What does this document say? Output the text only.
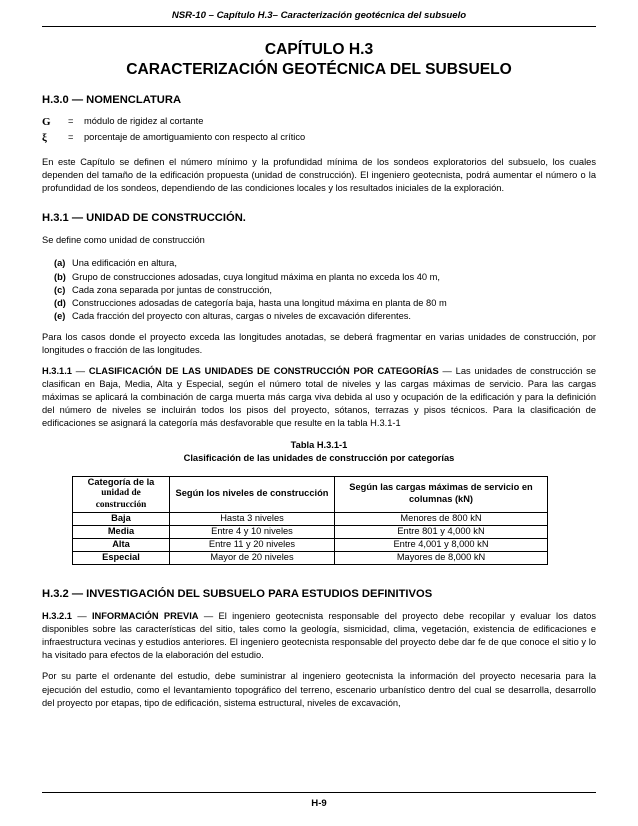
NSR-10 – Capítulo H.3– Caracterización geotécnica del subsuelo
CAPÍTULO H.3
CARACTERIZACIÓN GEOTÉCNICA DEL SUBSUELO
H.3.0 — NOMENCLATURA
G	=	módulo de rigidez al cortante
ξ	=	porcentaje de amortiguamiento con respecto al crítico

En este Capítulo se definen el número mínimo y la profundidad mínima de los sondeos exploratorios del subsuelo, los cuales dependen del tamaño de la edificación propuesta (unidad de construcción). El ingeniero geotecnista, podrá aumentar el número o la profundidad de los sondeos, dependiendo de las condiciones locales y los resultados iniciales de la exploración.

H.3.1 — UNIDAD DE CONSTRUCCIÓN.

Se define como unidad de construcción

(a) Una edificación en altura,
(b) Grupo de construcciones adosadas, cuya longitud máxima en planta no exceda los 40 m,
(c) Cada zona separada por juntas de construcción,
(d) Construcciones adosadas de categoría baja, hasta una longitud máxima en planta de 80 m
(e) Cada fracción del proyecto con alturas, cargas o niveles de excavación diferentes.

Para los casos donde el proyecto exceda las longitudes anotadas, se deberá fragmentar en varias unidades de construcción, por longitudes o fracción de las longitudes.

H.3.1.1 — CLASIFICACIÓN DE LAS UNIDADES DE CONSTRUCCIÓN POR CATEGORÍAS — Las unidades de construcción se clasifican en Baja, Media, Alta y Especial, según el número total de niveles y las cargas máximas de servicio. Para las cargas máximas se aplicará la combinación de carga muerta más carga viva debida al uso y ocupación de la edificación y para la definición del número de niveles se incluirán todos los pisos del proyecto, sótanos, terrazas y pisos técnicos. Para la clasificación de edificaciones se asignará la categoría más desfavorable que resulte en la tabla H.3.1-1

Tabla H.3.1-1
Clasificación de las unidades de construcción por categorías
Categoría de la
unidad de
construcción	Según los niveles de construcción	Según las cargas máximas de servicio en columnas (kN)
Baja	Hasta 3 niveles	Menores de 800 kN
Media	Entre 4 y 10 niveles	Entre 801 y 4,000 kN
Alta	Entre 11 y 20 niveles	Entre 4,001 y 8,000 kN
Especial	Mayor de 20 niveles	Mayores de 8,000 kN
H.3.2 — INVESTIGACIÓN DEL SUBSUELO PARA ESTUDIOS DEFINITIVOS

H.3.2.1 — INFORMACIÓN PREVIA — El ingeniero geotecnista responsable del proyecto debe recopilar y evaluar los datos disponibles sobre las características del sitio, tales como la geología, sismicidad, clima, vegetación, existencia de edificaciones e infraestructura vecinas y estudios anteriores. El ingeniero geotecnista responsable del proyecto debe dar fe de que conoce el sitio y lo ha visitado para efectos de la elaboración del estudio.

Por su parte el ordenante del estudio, debe suministrar al ingeniero geotecnista la información del proyecto necesaria para la ejecución del estudio, como el levantamiento topográfico del terreno, escenario urbanístico dentro del cual se desarrolla, desarrollo del proyecto por etapas, tipo de edificación, sistema estructural, niveles de excavación,

H-9
